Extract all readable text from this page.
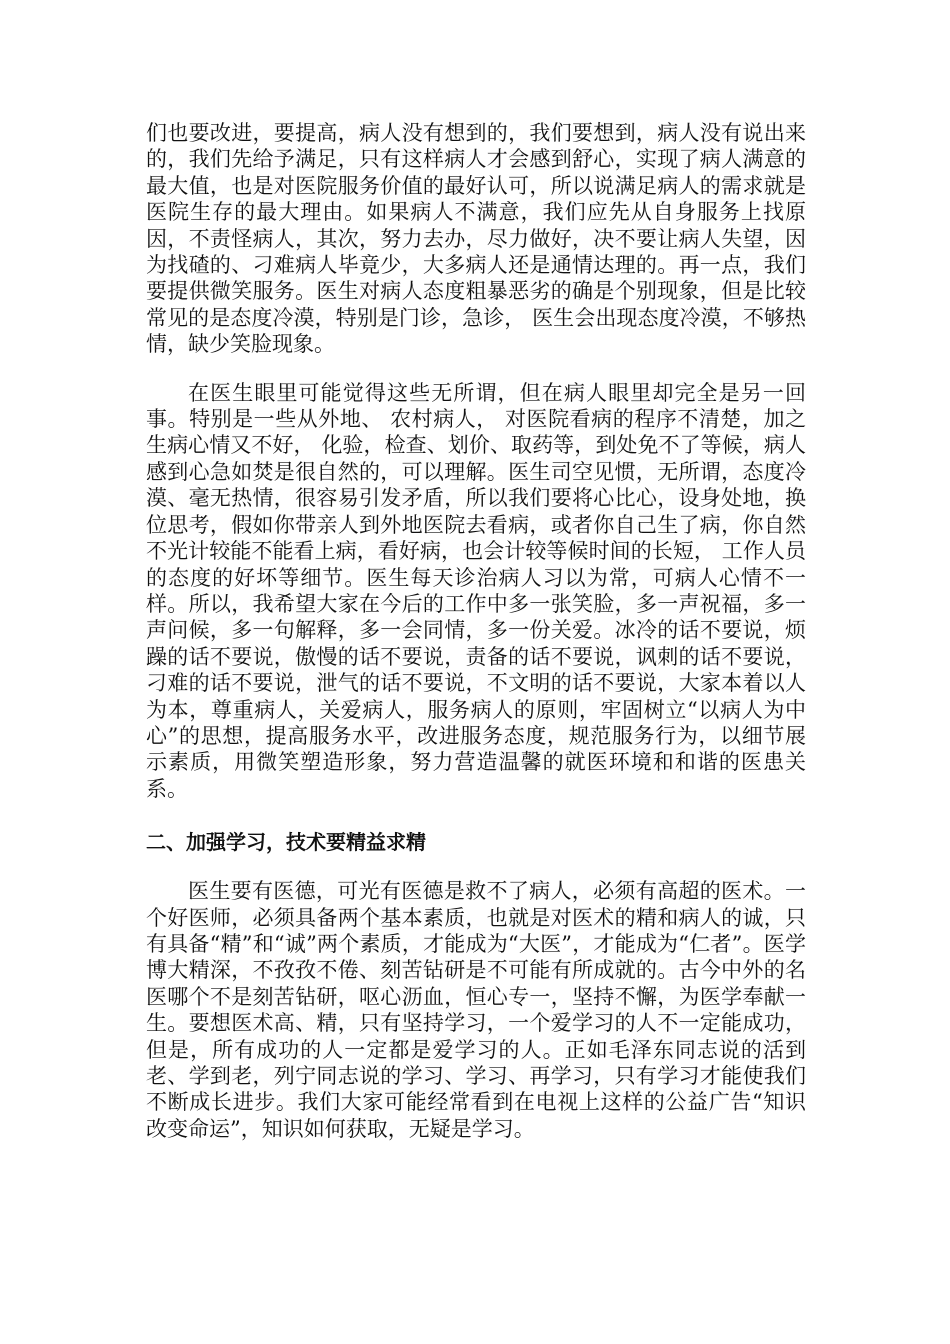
们也要改进，要提高，病人没有想到的，我们要想到，病人没有说出来的，我们先给予满足，只有这样病人才会感到舒心，实现了病人满意的最大值，也是对医院服务价值的最好认可，所以说满足病人的需求就是医院生存的最大理由。如果病人不满意，我们应先从自身服务上找原因，不责怪病人，其次，努力去办，尽力做好，决不要让病人失望，因为找碴的、刁难病人毕竟少，大多病人还是通情达理的。再一点，我们要提供微笑服务。医生对病人态度粗暴恶劣的确是个别现象，但是比较常见的是态度冷漠，特别是门诊，急诊， 医生会出现态度冷漠，不够热情，缺少笑脸现象。

在医生眼里可能觉得这些无所谓，但在病人眼里却完全是另一回事。特别是一些从外地、 农村病人， 对医院看病的程序不清楚，加之生病心情又不好， 化验，检查、划价、取药等，到处免不了等候，病人感到心急如焚是很自然的，可以理解。医生司空见惯，无所谓，态度冷漠、毫无热情，很容易引发矛盾，所以我们要将心比心，设身处地，换位思考，假如你带亲人到外地医院去看病，或者你自己生了病，你自然不光计较能不能看上病，看好病，也会计较等候时间的长短， 工作人员的态度的好坏等细节。医生每天诊治病人习以为常，可病人心情不一样。所以，我希望大家在今后的工作中多一张笑脸，多一声祝福，多一声问候，多一句解释，多一会同情，多一份关爱。冰冷的话不要说，烦躁的话不要说，傲慢的话不要说，责备的话不要说，讽刺的话不要说，刁难的话不要说，泄气的话不要说，不文明的话不要说，大家本着以人为本，尊重病人，关爱病人，服务病人的原则，牢固树立“以病人为中心”的思想，提高服务水平，改进服务态度，规范服务行为，以细节展示素质，用微笑塑造形象，努力营造温馨的就医环境和和谐的医患关系。

二、加强学习，技术要精益求精

医生要有医德，可光有医德是救不了病人，必须有高超的医术。一个好医师，必须具备两个基本素质，也就是对医术的精和病人的诚，只有具备“精”和“诚”两个素质，才能成为“大医”，才能成为“仁者”。医学博大精深，不孜孜不倦、刻苦钻研是不可能有所成就的。古今中外的名医哪个不是刻苦钻研，呕心沥血，恒心专一，坚持不懈，为医学奉献一生。要想医术高、精，只有坚持学习，一个爱学习的人不一定能成功，但是，所有成功的人一定都是爱学习的人。正如毛泽东同志说的活到老、学到老，列宁同志说的学习、学习、再学习，只有学习才能使我们不断成长进步。我们大家可能经常看到在电视上这样的公益广告“知识改变命运”，知识如何获取，无疑是学习。
